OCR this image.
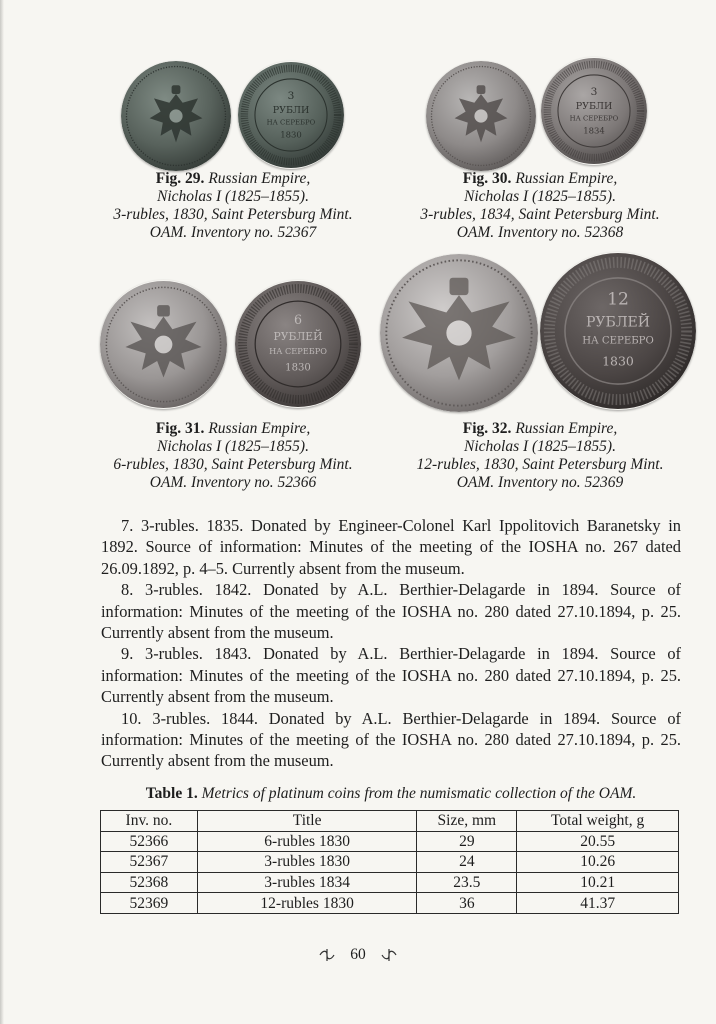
3
РУБЛИ
НА СЕРЕБРО
1830
Fig. 29. Russian Empire,
Nicholas I (1825–1855).
3-rubles, 1830, Saint Petersburg Mint.
OAM. Inventory no. 52367
3
РУБЛИ
НА СЕРЕБРО
1834
Fig. 30. Russian Empire,
Nicholas I (1825–1855).
3-rubles, 1834, Saint Petersburg Mint.
OAM. Inventory no. 52368
6
РУБЛЕЙ
НА СЕРЕБРО
1830
Fig. 31. Russian Empire,
Nicholas I (1825–1855).
6-rubles, 1830, Saint Petersburg Mint.
OAM. Inventory no. 52366
12
РУБЛЕЙ
НА СЕРЕБРО
1830
Fig. 32. Russian Empire,
Nicholas I (1825–1855).
12-rubles, 1830, Saint Petersburg Mint.
OAM. Inventory no. 52369

7. 3-rubles. 1835. Donated by Engineer-Colonel Karl Ippolitovich Baranetsky in 1892. Source of information: Minutes of the meeting of the IOSHA no. 267 dated 26.09.1892, p. 4–5. Currently absent from the museum.

8. 3-rubles. 1842. Donated by A.L. Berthier-Delagarde in 1894. Source of information: Minutes of the meeting of the IOSHA no. 280 dated 27.10.1894, p. 25. Currently absent from the museum.

9. 3-rubles. 1843. Donated by A.L. Berthier-Delagarde in 1894. Source of information: Minutes of the meeting of the IOSHA no. 280 dated 27.10.1894, p. 25. Currently absent from the museum.

10. 3-rubles. 1844. Donated by A.L. Berthier-Delagarde in 1894. Source of information: Minutes of the meeting of the IOSHA no. 280 dated 27.10.1894, p. 25. Currently absent from the museum.

Table 1. Metrics of platinum coins from the numismatic collection of the OAM.
Inv. no.	Title	Size, mm	Total weight, g
52366	6-rubles 1830	29	20.55
52367	3-rubles 1830	24	10.26
52368	3-rubles 1834	23.5	10.21
52369	12-rubles 1830	36	41.37
60
